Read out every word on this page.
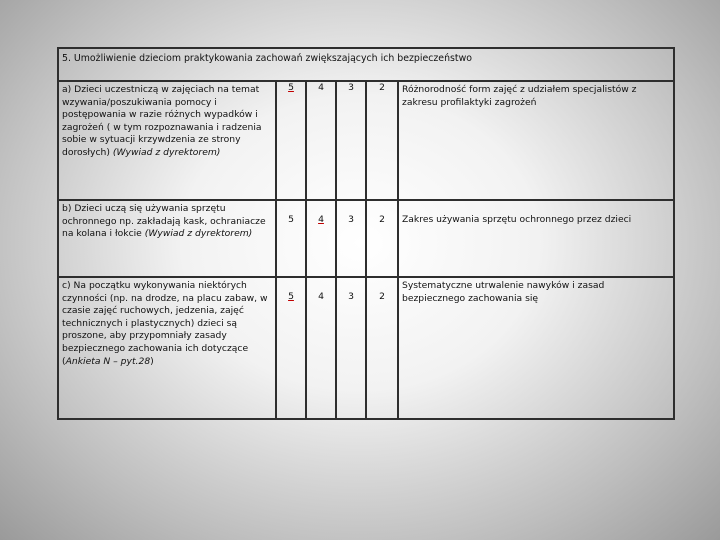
5. Umożliwienie dzieciom praktykowania zachowań zwiększających ich bezpieczeństwo					
a) Dzieci uczestniczą w zajęciach na temat wzywania/poszukiwania pomocy i postępowania w razie różnych wypadków i zagrożeń ( w tym rozpoznawania i radzenia sobie w sytuacji krzywdzenia ze strony dorosłych) (Wywiad z dyrektorem)	5	4	3	2	Różnorodność form zajęć z udziałem specjalistów z zakresu profilaktyki zagrożeń
b) Dzieci uczą się używania sprzętu ochronnego np. zakładają kask, ochraniacze na kolana i łokcie (Wywiad z dyrektorem)	5	4	3	2	Zakres używania sprzętu ochronnego przez dzieci
c) Na początku wykonywania niektórych czynności (np. na drodze, na placu zabaw, w czasie zajęć ruchowych, jedzenia, zajęć technicznych i plastycznych) dzieci są proszone, aby przypomniały zasady bezpiecznego zachowania ich dotyczące (Ankieta N – pyt.28)	5	4	3	2	Systematyczne utrwalenie nawyków i zasad bezpiecznego zachowania się
